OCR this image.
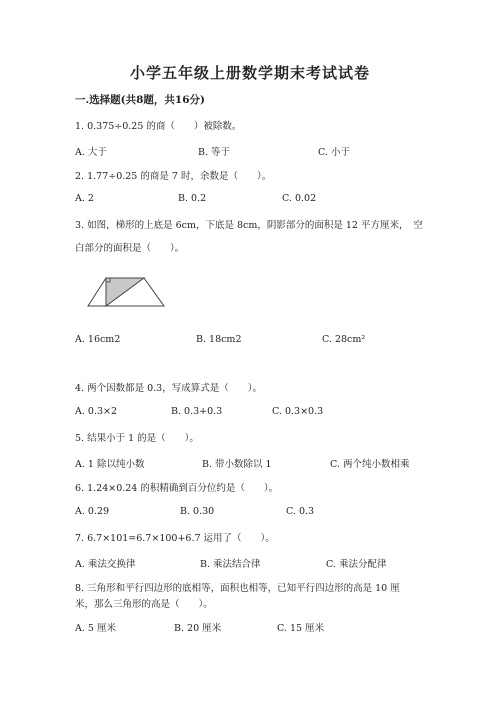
小学五年级上册数学期末考试试卷
一.选择题(共8题，共16分)
1. 0.375÷0.25 的商（　　）被除数。
A. 大于	B. 等于	C. 小于
2. 1.77÷0.25 的商是 7 时，余数是（　　）。
A. 2	B. 0.2	C. 0.02
3. 如图，梯形的上底是 6cm，下底是 8cm，阴影部分的面积是 12 平方厘米，　空
白部分的面积是（　　）。
A. 16cm2	B. 18cm2	C. 28cm²
4. 两个因数都是 0.3，写成算式是（　　）。
A. 0.3×2	B. 0.3+0.3	C. 0.3×0.3
5. 结果小于 1 的是（　　）。
A. 1 除以纯小数	B. 带小数除以 1	C. 两个纯小数相乘
6. 1.24×0.24 的积精确到百分位约是（　　）。
A. 0.29	B. 0.30	C. 0.3
7. 6.7×101=6.7×100+6.7 运用了（　　）。
A. 乘法交换律	B. 乘法结合律	C. 乘法分配律
8. 三角形和平行四边形的底相等，面积也相等，已知平行四边形的高是 10 厘
米，那么三角形的高是（　　）。
A. 5 厘米	B. 20 厘米	C. 15 厘米
